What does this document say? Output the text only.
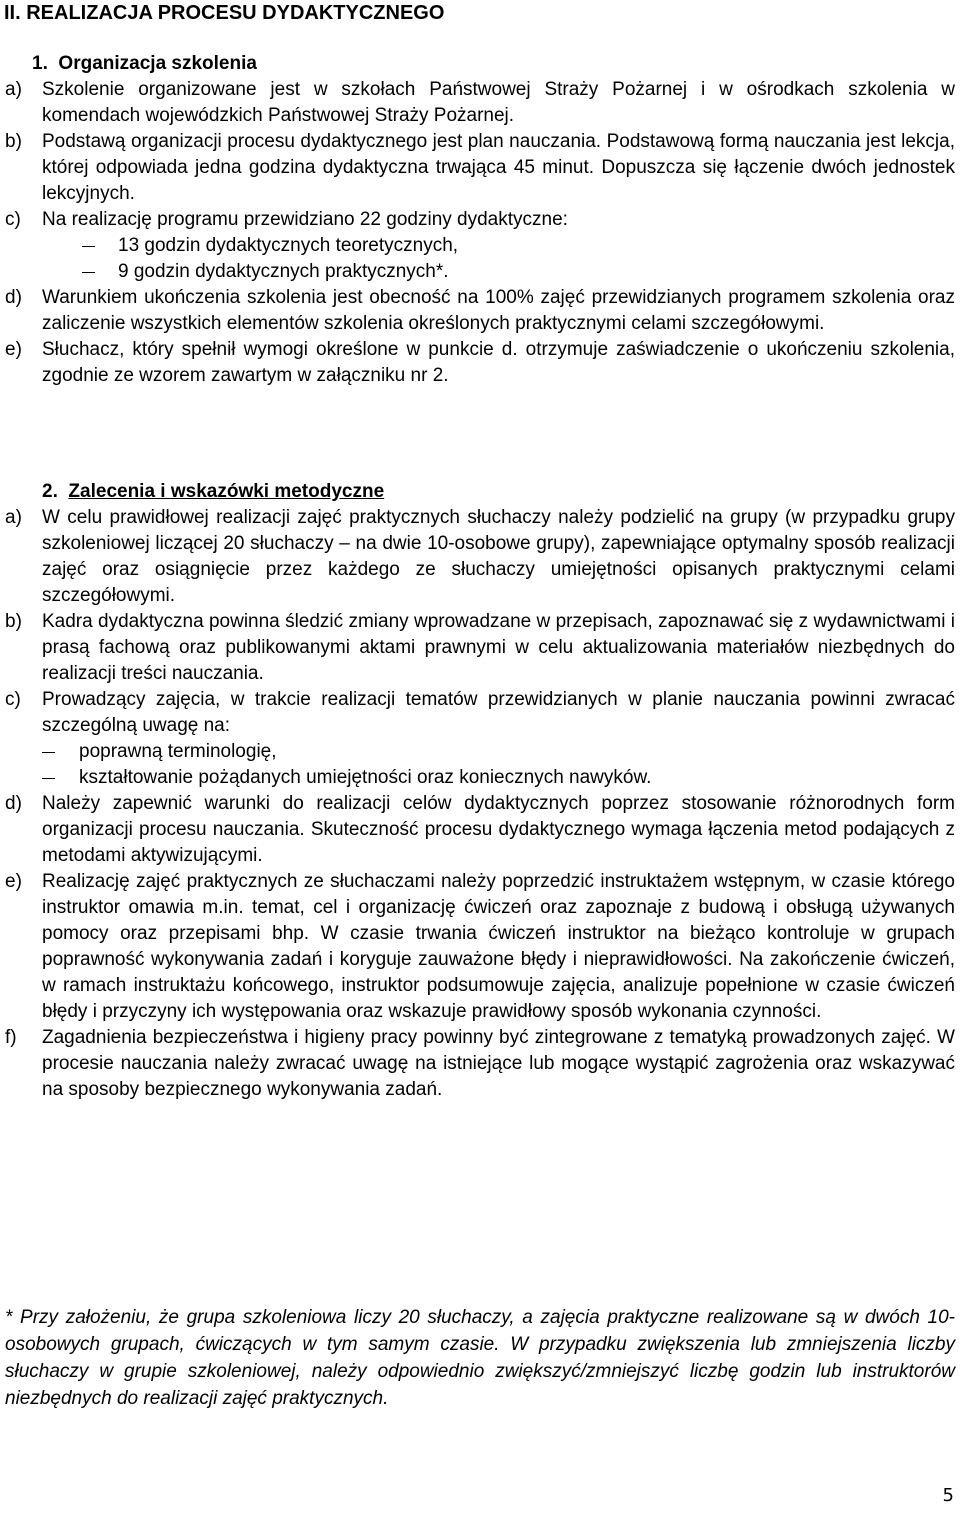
II. REALIZACJA PROCESU DYDAKTYCZNEGO
1. Organizacja szkolenia
a) Szkolenie organizowane jest w szkołach Państwowej Straży Pożarnej i w ośrodkach szkolenia w komendach wojewódzkich Państwowej Straży Pożarnej.

b) Podstawą organizacji procesu dydaktycznego jest plan nauczania. Podstawową formą nauczania jest lekcja, której odpowiada jedna godzina dydaktyczna trwająca 45 minut. Dopuszcza się łączenie dwóch jednostek lekcyjnych.

c) Na realizację programu przewidziano 22 godziny dydaktyczne:

13 godzin dydaktycznych teoretycznych,
9 godzin dydaktycznych praktycznych*.
d) Warunkiem ukończenia szkolenia jest obecność na 100% zajęć przewidzianych programem szkolenia oraz zaliczenie wszystkich elementów szkolenia określonych praktycznymi celami szczegółowymi.

e) Słuchacz, który spełnił wymogi określone w punkcie d. otrzymuje zaświadczenie o ukończeniu szkolenia, zgodnie ze wzorem zawartym w załączniku nr 2.

2. Zalecenia i wskazówki metodyczne
a) W celu prawidłowej realizacji zajęć praktycznych słuchaczy należy podzielić na grupy (w przypadku grupy szkoleniowej liczącej 20 słuchaczy – na dwie 10-osobowe grupy), zapewniające optymalny sposób realizacji zajęć oraz osiągnięcie przez każdego ze słuchaczy umiejętności opisanych praktycznymi celami szczegółowymi.

b) Kadra dydaktyczna powinna śledzić zmiany wprowadzane w przepisach, zapoznawać się z wydawnictwami i prasą fachową oraz publikowanymi aktami prawnymi w celu aktualizowania materiałów niezbędnych do realizacji treści nauczania.

c) Prowadzący zajęcia, w trakcie realizacji tematów przewidzianych w planie nauczania powinni zwracać szczególną uwagę na:

poprawną terminologię,
kształtowanie pożądanych umiejętności oraz koniecznych nawyków.
d) Należy zapewnić warunki do realizacji celów dydaktycznych poprzez stosowanie różnorodnych form organizacji procesu nauczania. Skuteczność procesu dydaktycznego wymaga łączenia metod podających z metodami aktywizującymi.

e) Realizację zajęć praktycznych ze słuchaczami należy poprzedzić instruktażem wstępnym, w czasie którego instruktor omawia m.in. temat, cel i organizację ćwiczeń oraz zapoznaje z budową i obsługą używanych pomocy oraz przepisami bhp. W czasie trwania ćwiczeń instruktor na bieżąco kontroluje w grupach poprawność wykonywania zadań i koryguje zauważone błędy i nieprawidłowości. Na zakończenie ćwiczeń, w ramach instruktażu końcowego, instruktor podsumowuje zajęcia, analizuje popełnione w czasie ćwiczeń błędy i przyczyny ich występowania oraz wskazuje prawidłowy sposób wykonania czynności.

f) Zagadnienia bezpieczeństwa i higieny pracy powinny być zintegrowane z tematyką prowadzonych zajęć. W procesie nauczania należy zwracać uwagę na istniejące lub mogące wystąpić zagrożenia oraz wskazywać na sposoby bezpiecznego wykonywania zadań.

* Przy założeniu, że grupa szkoleniowa liczy 20 słuchaczy, a zajęcia praktyczne realizowane są w dwóch 10-osobowych grupach, ćwiczących w tym samym czasie. W przypadku zwiększenia lub zmniejszenia liczby słuchaczy w grupie szkoleniowej, należy odpowiednio zwiększyć/zmniejszyć liczbę godzin lub instruktorów niezbędnych do realizacji zajęć praktycznych.

5
